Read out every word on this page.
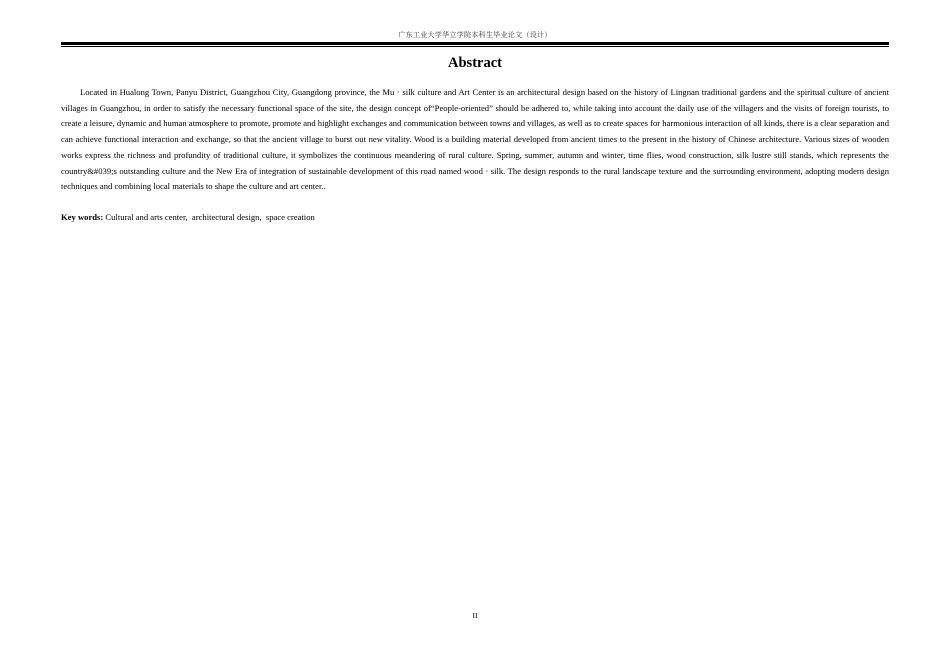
广东工业大学华立学院本科生毕业论文（设计）
Abstract

Located in Hualong Town, Panyu District, Guangzhou City, Guangdong province, the Mu · silk culture and Art Center is an architectural design based on the history of Lingnan traditional gardens and the spiritual culture of ancient villages in Guangzhou, in order to satisfy the necessary functional space of the site, the design concept of“People-oriented” should be adhered to, while taking into account the daily use of the villagers and the visits of foreign tourists, to create a leisure, dynamic and human atmosphere to promote, promote and highlight exchanges and communication between towns and villages, as well as to create spaces for harmonious interaction of all kinds, there is a clear separation and can achieve functional interaction and exchange, so that the ancient village to burst out new vitality. Wood is a building material developed from ancient times to the present in the history of Chinese architecture. Various sizes of wooden works express the richness and profundity of traditional culture, it symbolizes the continuous meandering of rural culture. Spring, summer, autumn and winter, time flies, wood construction, silk lustre still stands, which represents the country&#039;s outstanding culture and the New Era of integration of sustainable development of this road named wood · silk. The design responds to the rural landscape texture and the surrounding environment, adopting modern design techniques and combining local materials to shape the culture and art center..

Key words: Cultural and arts center,  architectural design,  space creation

II
